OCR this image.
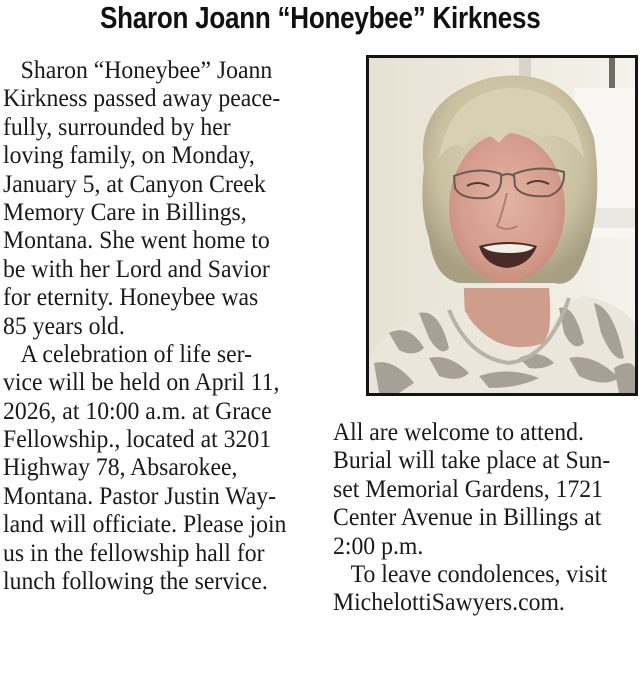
Sharon Joann “Honeybee” Kirkness
Sharon “Honeybee” Joann
Kirkness passed away peace-
fully, surrounded by her
loving family, on Monday,
January 5, at Canyon Creek
Memory Care in Billings,
Montana. She went home to
be with her Lord and Savior
for eternity. Honeybee was
85 years old.
A celebration of life ser-
vice will be held on April 11,
2026, at 10:00 a.m. at Grace
Fellowship., located at 3201
Highway 78, Absarokee,
Montana. Pastor Justin Way-
land will officiate. Please join
us in the fellowship hall for
lunch following the service.
All are welcome to attend.
Burial will take place at Sun-
set Memorial Gardens, 1721
Center Avenue in Billings at
2:00 p.m.
To leave condolences, visit
MichelottiSawyers.com.
